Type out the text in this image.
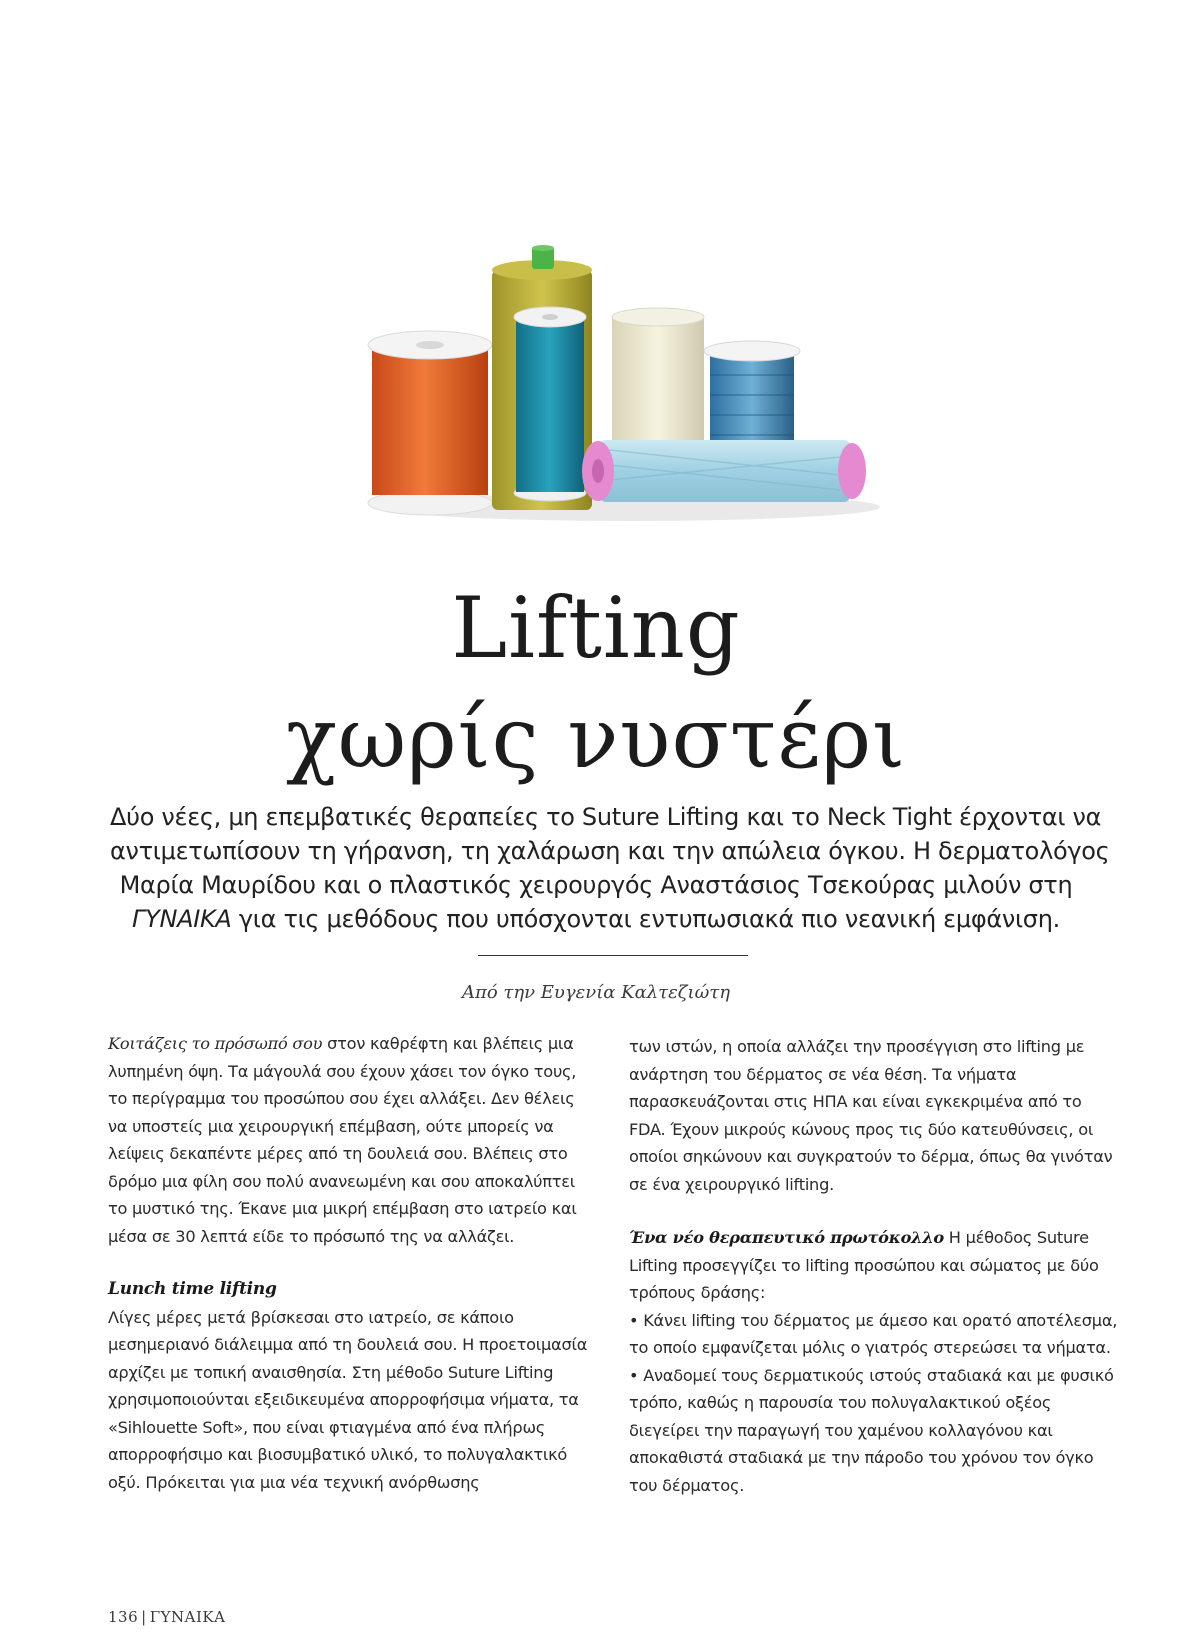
Lifting
χωρίς νυστέρι

Δύο νέες, μη επεμβατικές θεραπείες το Suture Lifting και το Neck Tight έρχονται να

αντιμετωπίσουν τη γήρανση, τη χαλάρωση και την απώλεια όγκου. Η δερματολόγος

Μαρία Μαυρίδου και ο πλαστικός χειρουργός Αναστάσιος Τσεκούρας μιλούν στη

ΓΥΝΑΙΚΑ για τις μεθόδους που υπόσχονται εντυπωσιακά πιο νεανική εμφάνιση.

Από την Ευγενία Καλτεζιώτη

Κοιτάζεις το πρόσωπό σου στον καθρέφτη και βλέπεις μια λυπημένη όψη. Τα μάγουλά σου έχουν χάσει τον όγκο τους, το περίγραμμα του προσώπου σου έχει αλλάξει. Δεν θέλεις να υποστείς μια χειρουργική επέμβαση, ούτε μπορείς να λείψεις δεκαπέντε μέρες από τη δουλειά σου. Βλέπεις στο δρόμο μια φίλη σου πολύ ανανεωμένη και σου αποκαλύπτει το μυστικό της. Έκανε μια μικρή επέμβαση στο ιατρείο και μέσα σε 30 λεπτά είδε το πρόσωπό της να αλλάζει.

Lunch time lifting

Λίγες μέρες μετά βρίσκεσαι στο ιατρείο, σε κάποιο μεσημεριανό διάλειμμα από τη δουλειά σου. Η προετοιμασία αρχίζει με τοπική αναισθησία. Στη μέθοδο Suture Lifting χρησιμοποιούνται εξειδικευμένα απορροφήσιμα νήματα, τα «Sihlouette Soft», που είναι φτιαγμένα από ένα πλήρως απορροφήσιμο και βιοσυμβατικό υλικό, το πολυγαλακτικό οξύ. Πρόκειται για μια νέα τεχνική ανόρθωσης

των ιστών, η οποία αλλάζει την προσέγγιση στο lifting με ανάρτηση του δέρματος σε νέα θέση. Τα νήματα παρασκευάζονται στις ΗΠΑ και είναι εγκεκριμένα από το FDA. Έχουν μικρούς κώνους προς τις δύο κατευθύνσεις, οι οποίοι σηκώνουν και συγκρατούν το δέρμα, όπως θα γινόταν σε ένα χειρουργικό lifting.

Ένα νέο θεραπευτικό πρωτόκολλο Η μέθοδος Suture Lifting προσεγγίζει το lifting προσώπου και σώματος με δύο τρόπους δράσης:

• Κάνει lifting του δέρματος με άμεσο και ορατό αποτέλεσμα, το οποίο εμφανίζεται μόλις ο γιατρός στερεώσει τα νήματα.

• Αναδομεί τους δερματικούς ιστούς σταδιακά και με φυσικό τρόπο, καθώς η παρουσία του πολυγαλακτικού οξέος διεγείρει την παραγωγή του χαμένου κολλαγόνου και αποκαθιστά σταδιακά με την πάροδο του χρόνου τον όγκο του δέρματος.

136 | ΓΥΝΑΙΚΑ
